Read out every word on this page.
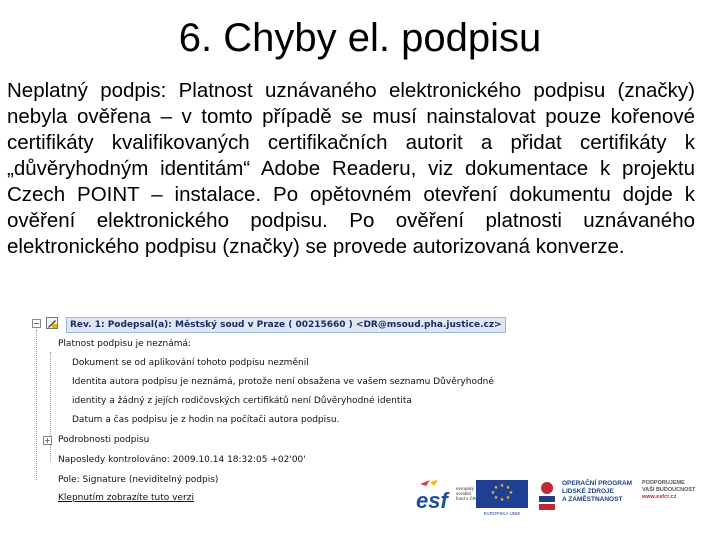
6. Chyby el. podpisu
Neplatný podpis: Platnost uznávaného elektronického podpisu (značky) nebyla ověřena – v tomto případě se musí nainstalovat pouze kořenové certifikáty kvalifikovaných certifikačních autorit a přidat certifikáty k „důvěryhodným identitám“ Adobe Readeru, viz dokumentace k projektu Czech POINT – instalace. Po opětovném otevření dokumentu dojde k ověření elektronického podpisu. Po ověření platnosti uznávaného elektronického podpisu (značky) se provede autorizovaná konverze.
−	Rev. 1: Podepsal(a): Městský soud v Praze ( 00215660 ) <DR@msoud.pha.justice.cz>
Platnost podpisu je neznámá:
Dokument se od aplikování tohoto podpisu nezměnil
Identita autora podpisu je neznámá, protože není obsažena ve vašem seznamu Důvěryhodné
identity a žádný z jejích rodičovských certifikátů není Důvěryhodné identita
Datum a čas podpisu je z hodin na počítači autora podpisu.
+ Podrobnosti podpisu
Naposledy kontrolováno: 2009.10.14 18:32:05 +02'00'
Pole: Signature (neviditelný podpis)
Klepnutím zobrazíte tuto verzi	esf	evropský sociální fond v ČR
★ ★
★
★
★
★
★
★
EVROPSKÁ UNIE
OPERAČNÍ PROGRAM
LIDSKÉ ZDROJE
A ZAMĚSTNANOST
PODPORUJEME
VAŠI BUDOUCNOST
www.esfcr.cz
